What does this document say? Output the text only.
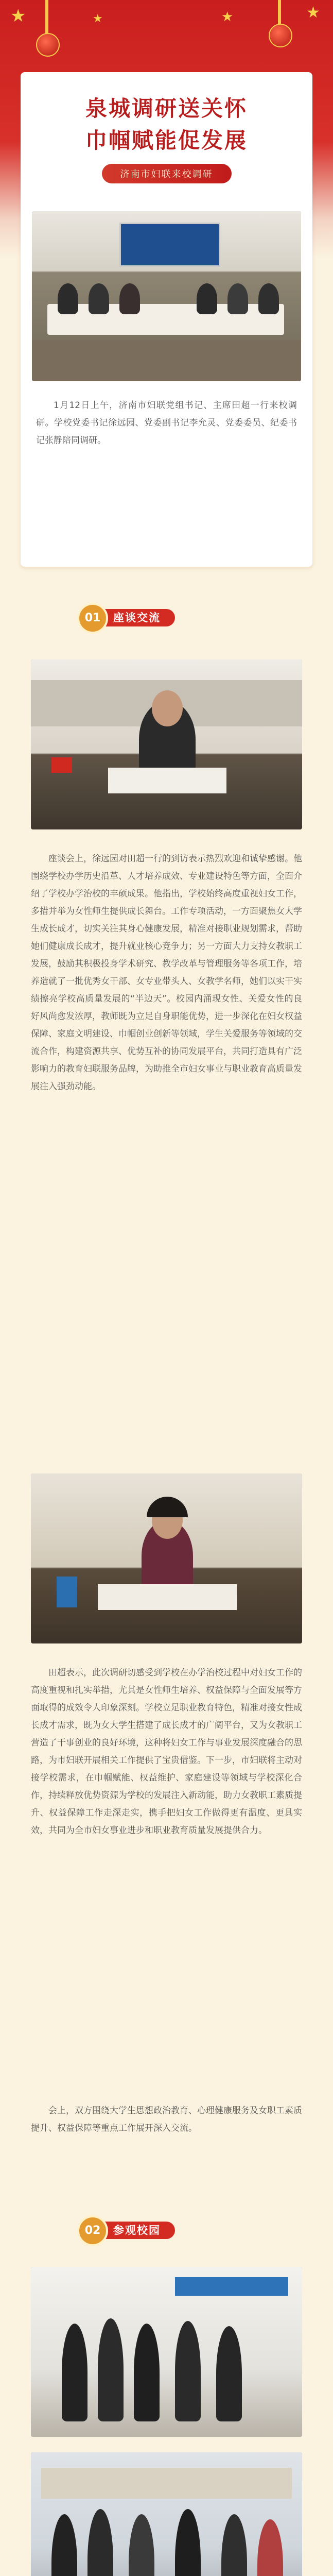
★	★	★	★

泉城调研送关怀

巾帼赋能促发展

济南市妇联来校调研

1月12日上午，济南市妇联党组书记、主席田超一行来校调研。学校党委书记徐远园、党委副书记李允灵、党委委员、纪委书记张静陪同调研。

座谈交流
01

座谈会上，徐远园对田超一行的到访表示热烈欢迎和诚挚感谢。他围绕学校办学历史沿革、人才培养成效、专业建设特色等方面，全面介绍了学校办学治校的丰硕成果。他指出，学校始终高度重视妇女工作，多措并举为女性师生提供成长舞台。工作专项活动，一方面聚焦女大学生成长成才，切实关注其身心健康发展，精准对接职业规划需求，帮助她们健康成长成才，提升就业核心竞争力；另一方面大力支持女教职工发展，鼓励其积极投身学术研究、教学改革与管理服务等各项工作，培养造就了一批优秀女干部、女专业带头人、女教学名师，她们以实干实绩擦亮学校高质量发展的“半边天”。校园内涌现女性、关爱女性的良好风尚愈发浓厚，教师既为立足自身职能优势，进一步深化在妇女权益保障、家庭文明建设、巾帼创业创新等领域，学生关爱服务等领域的交流合作，构建资源共享、优势互补的协同发展平台，共同打造具有广泛影响力的教育妇联服务品牌，为助推全市妇女事业与职业教育高质量发展注入强劲动能。

田超表示，此次调研切感受到学校在办学治校过程中对妇女工作的高度重视和扎实举措，尤其是女性师生培养、权益保障与全面发展等方面取得的成效令人印象深刻。学校立足职业教育特色，精准对接女性成长成才需求，既为女大学生搭建了成长成才的广阔平台，又为女教职工营造了干事创业的良好环境，这种将妇女工作与事业发展深度融合的思路，为市妇联开展相关工作提供了宝贵借鉴。下一步，市妇联将主动对接学校需求，在巾帼赋能、权益维护、家庭建设等领域与学校深化合作，持续释放优势资源为学校的发展注入新动能，助力女教职工素质提升、权益保障工作走深走实，携手把妇女工作做得更有温度、更具实效，共同为全市妇女事业进步和职业教育质量发展提供合力。

会上，双方围绕大学生思想政治教育、心理健康服务及女职工素质提升、权益保障等重点工作展开深入交流。

参观校园
02
